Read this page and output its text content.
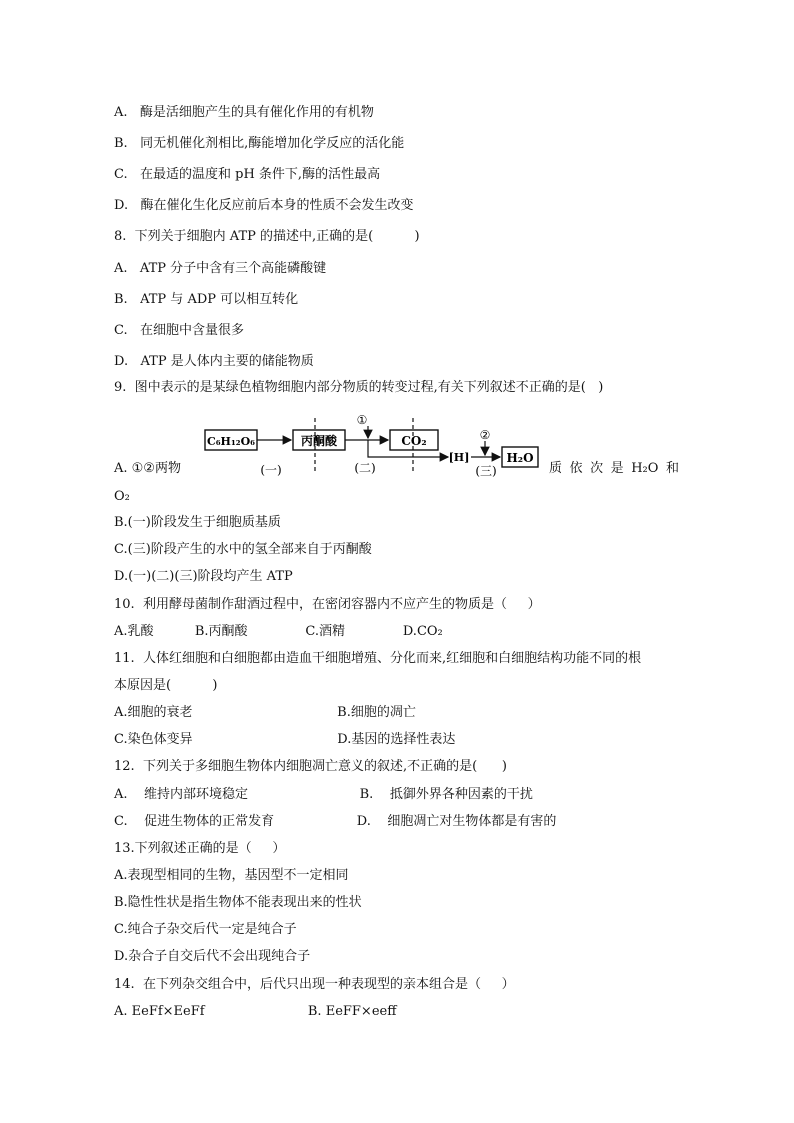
A.   酶是活细胞产生的具有催化作用的有机物
B.   同无机催化剂相比,酶能增加化学反应的活化能
C.   在最适的温度和 pH 条件下,酶的活性最高
D.   酶在催化生化反应前后本身的性质不会发生改变
8.  下列关于细胞内 ATP 的描述中,正确的是(          )
A.   ATP 分子中含有三个高能磷酸键
B.   ATP 与 ADP 可以相互转化
C.   在细胞中含量很多
D.   ATP 是人体内主要的储能物质
9.  图中表示的是某绿色植物细胞内部分物质的转变过程,有关下列叙述不正确的是(   )
A. ①②两物
O₂
B.(一)阶段发生于细胞质基质
C.(三)阶段产生的水中的氢全部来自于丙酮酸
D.(一)(二)(三)阶段均产生 ATP
10.  利用酵母菌制作甜酒过程中，在密闭容器内不应产生的物质是（     ）
A.乳酸          B.丙酮酸              C.酒精              D.CO₂
11.  人体红细胞和白细胞都由造血干细胞增殖、分化而来,红细胞和白细胞结构功能不同的根
本原因是(          )
A.细胞的衰老                                   B.细胞的凋亡
C.染色体变异                                   D.基因的选择性表达
12.  下列关于多细胞生物体内细胞凋亡意义的叙述,不正确的是(      )
A.    维持内部环境稳定                           B.    抵御外界各种因素的干扰
C.    促进生物体的正常发育                    D.    细胞凋亡对生物体都是有害的
13.下列叙述正确的是（     ）
A.表现型相同的生物，基因型不一定相同
B.隐性性状是指生物体不能表现出来的性状
C.纯合子杂交后代一定是纯合子
D.杂合子自交后代不会出现纯合子
14.  在下列杂交组合中，后代只出现一种表现型的亲本组合是（     ）
A. EeFf×EeFf                         B. EeFF×eeff
质 依 次 是 H₂O 和
C₆H₁₂O₆	丙酮酸	CO₂
H₂O
[H]
①
②
(一)	(二)	(三)
